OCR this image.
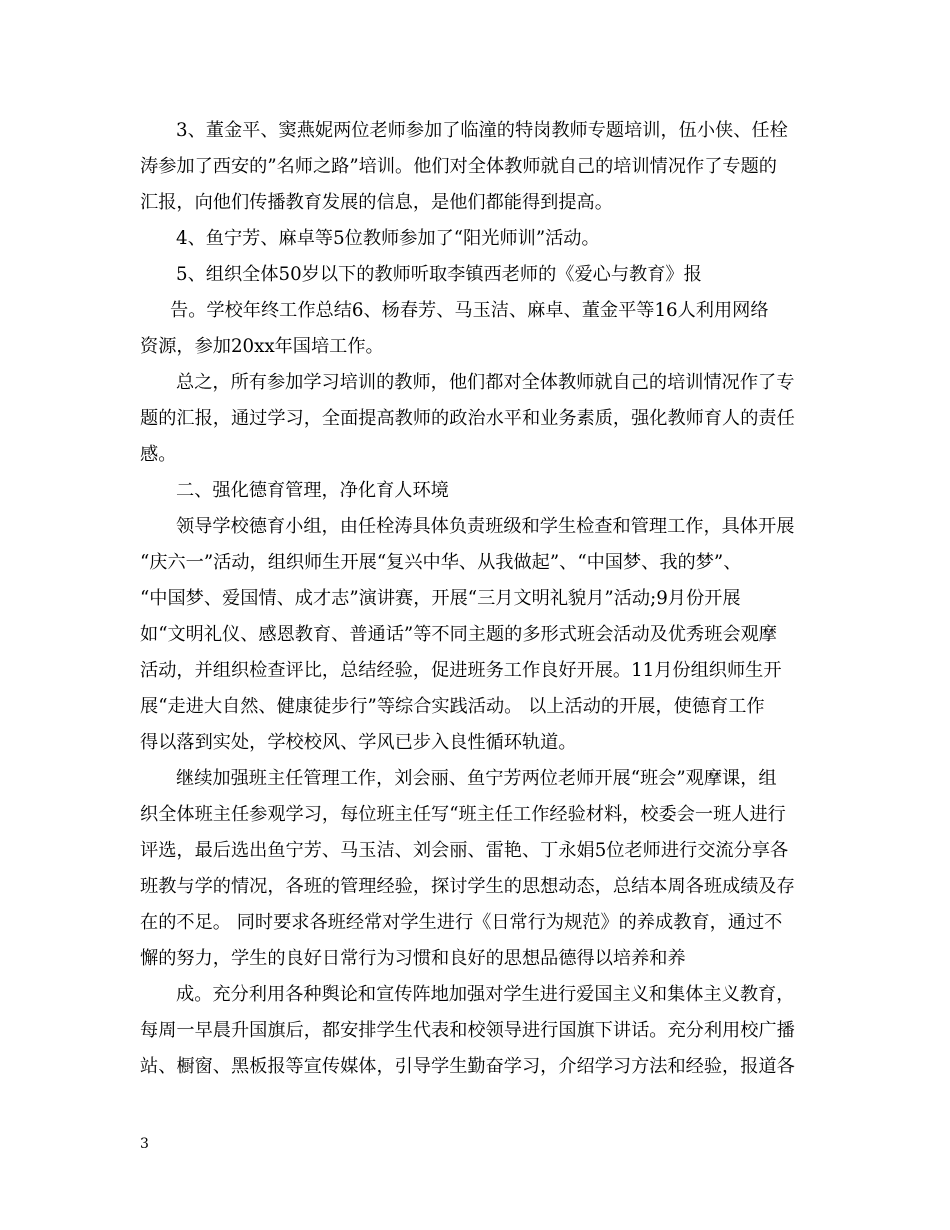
3、董金平、窦燕妮两位老师参加了临潼的特岗教师专题培训，伍小侠、任栓
涛参加了西安的”名师之路”培训。他们对全体教师就自己的培训情况作了专题的
汇报，向他们传播教育发展的信息，是他们都能得到提高。
4、鱼宁芳、麻卓等5位教师参加了“阳光师训”活动。
5、组织全体50岁以下的教师听取李镇西老师的《爱心与教育》报
告。学校年终工作总结6、杨春芳、马玉洁、麻卓、董金平等16人利用网络
资源，参加20xx年国培工作。
总之，所有参加学习培训的教师，他们都对全体教师就自己的培训情况作了专
题的汇报，通过学习，全面提高教师的政治水平和业务素质，强化教师育人的责任
感。
二、强化德育管理，净化育人环境
领导学校德育小组，由任栓涛具体负责班级和学生检查和管理工作，具体开展
“庆六一”活动，组织师生开展“复兴中华、从我做起”、“中国梦、我的梦”、
“中国梦、爱国情、成才志”演讲赛，开展“三月文明礼貌月”活动;9月份开展
如“文明礼仪、感恩教育、普通话”等不同主题的多形式班会活动及优秀班会观摩
活动，并组织检查评比，总结经验，促进班务工作良好开展。11月份组织师生开
展“走进大自然、健康徒步行”等综合实践活动。 以上活动的开展，使德育工作
得以落到实处，学校校风、学风已步入良性循环轨道。
继续加强班主任管理工作，刘会丽、鱼宁芳两位老师开展“班会”观摩课，组
织全体班主任参观学习，每位班主任写“班主任工作经验材料，校委会一班人进行
评选，最后选出鱼宁芳、马玉洁、刘会丽、雷艳、丁永娟5位老师进行交流分享各
班教与学的情况，各班的管理经验，探讨学生的思想动态，总结本周各班成绩及存
在的不足。 同时要求各班经常对学生进行《日常行为规范》的养成教育，通过不
懈的努力，学生的良好日常行为习惯和良好的思想品德得以培养和养
成。充分利用各种舆论和宣传阵地加强对学生进行爱国主义和集体主义教育，
每周一早晨升国旗后，都安排学生代表和校领导进行国旗下讲话。充分利用校广播
站、橱窗、黑板报等宣传媒体，引导学生勤奋学习，介绍学习方法和经验，报道各
3
